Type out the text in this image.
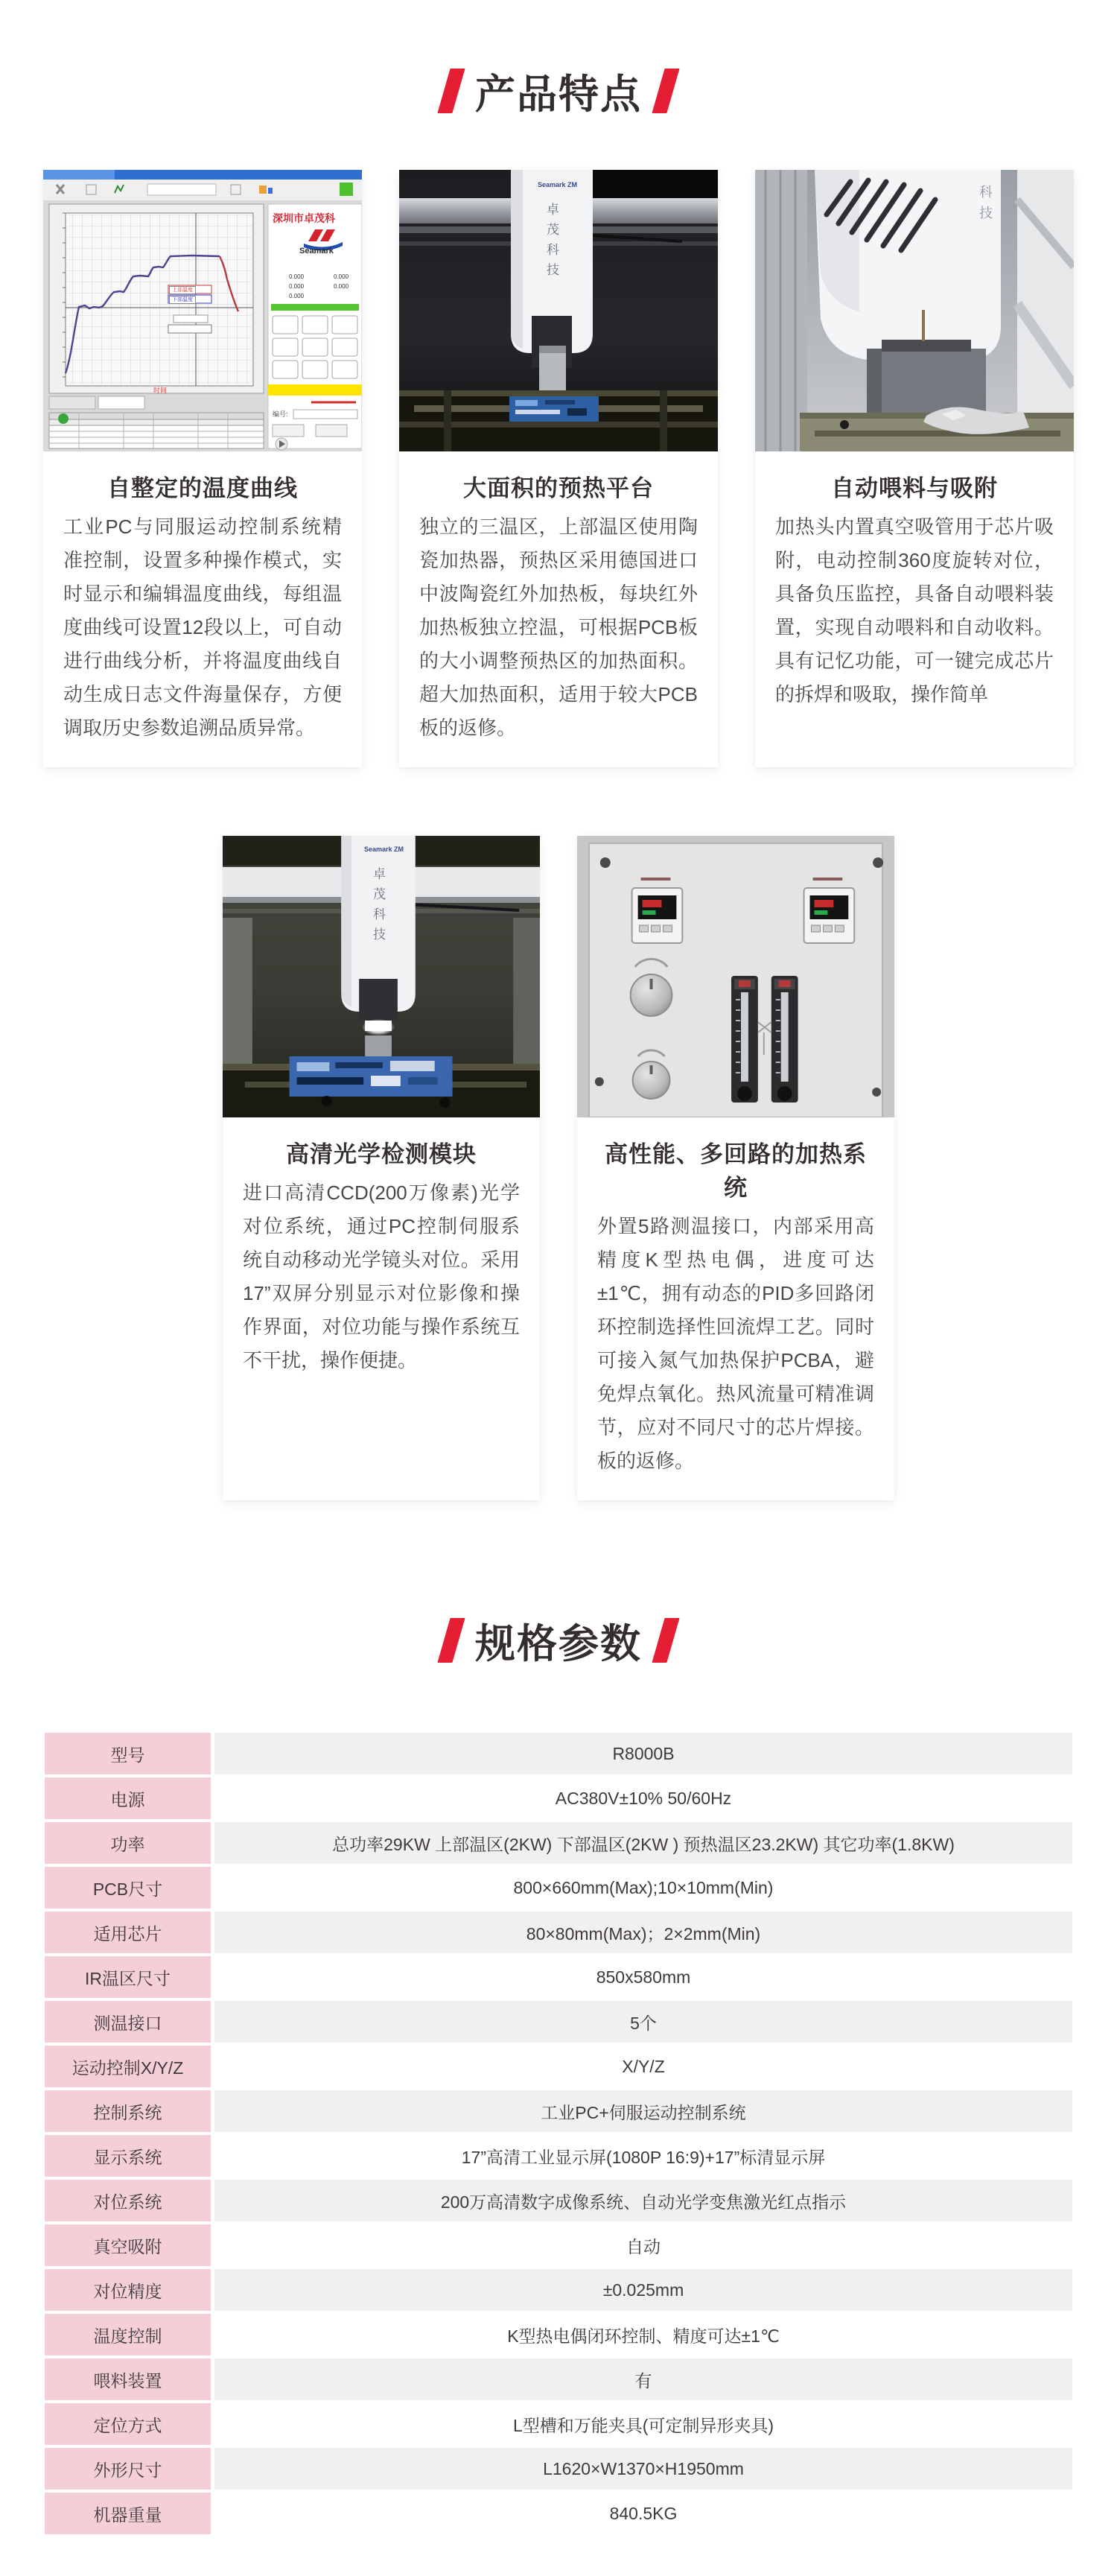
产品特点
深圳市卓茂科
Seamark
0.000
0.000
0.000
0.000
0.000
时间
上部温度
下部温度
编号:
自整定的温度曲线

工业PC与同服运动控制系统精准控制，设置多种操作模式，实时显示和编辑温度曲线，每组温度曲线可设置12段以上，可自动进行曲线分析，并将温度曲线自动生成日志文件海量保存，方便调取历史参数追溯品质异常。

Seamark ZM
卓茂科技
大面积的预热平台

独立的三温区，上部温区使用陶瓷加热器，预热区采用德国进口中波陶瓷红外加热板，每块红外加热板独立控温，可根据PCB板的大小调整预热区的加热面积。超大加热面积，适用于较大PCB板的返修。

科技
自动喂料与吸附

加热头内置真空吸管用于芯片吸附，电动控制360度旋转对位，具备负压监控，具备自动喂料装置，实现自动喂料和自动收料。具有记忆功能，可一键完成芯片的拆焊和吸取，操作简单

Seamark ZM
卓茂科技
高清光学检测模块

进口高清CCD(200万像素)光学对位系统，通过PC控制伺服系统自动移动光学镜头对位。采用17”双屏分别显示对位影像和操作界面，对位功能与操作系统互不干扰，操作便捷。

高性能、多回路的加热系统

外置5路测温接口，内部采用高精度K型热电偶，进度可达±1℃，拥有动态的PID多回路闭环控制选择性回流焊工艺。同时可接入氮气加热保护PCBA，避免焊点氧化。热风流量可精准调节，应对不同尺寸的芯片焊接。板的返修。

规格参数
型号	R8000B
电源	AC380V±10% 50/60Hz
功率	总功率29KW 上部温区(2KW) 下部温区(2KW ) 预热温区23.2KW) 其它功率(1.8KW)
PCB尺寸	800×660mm(Max);10×10mm(Min)
适用芯片	80×80mm(Max)；2×2mm(Min)
IR温区尺寸	850x580mm
测温接口	5个
运动控制X/Y/Z	X/Y/Z
控制系统	工业PC+伺服运动控制系统
显示系统	17”高清工业显示屏(1080P 16:9)+17”标清显示屏
对位系统	200万高清数字成像系统、自动光学变焦激光红点指示
真空吸附	自动
对位精度	±0.025mm
温度控制	K型热电偶闭环控制、精度可达±1℃
喂料装置	有
定位方式	L型槽和万能夹具(可定制异形夹具)
外形尺寸	L1620×W1370×H1950mm
机器重量	840.5KG
